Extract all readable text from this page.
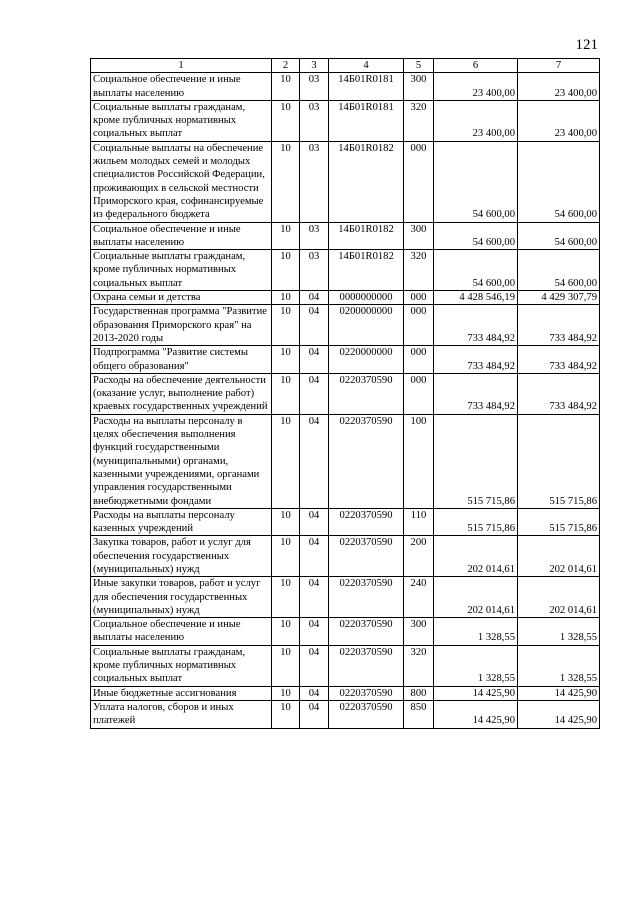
121
1	2	3	4	5	6	7
Социальное обеспечение и иные выплаты населению	10	03	14Б01R0181	300	23 400,00	23 400,00
Социальные выплаты гражданам, кроме публичных нормативных социальных выплат	10	03	14Б01R0181	320	23 400,00	23 400,00
Социальные выплаты на обеспечение жильем молодых семей и молодых специалистов Российской Федерации, проживающих в сельской местности Приморского края, софинансируемые из федерального бюджета	10	03	14Б01R0182	000	54 600,00	54 600,00
Социальное обеспечение и иные выплаты населению	10	03	14Б01R0182	300	54 600,00	54 600,00
Социальные выплаты гражданам, кроме публичных нормативных социальных выплат	10	03	14Б01R0182	320	54 600,00	54 600,00
Охрана семьи и детства	10	04	0000000000	000	4 428 546,19	4 429 307,79
Государственная программа "Развитие образования Приморского края" на 2013-2020 годы	10	04	0200000000	000	733 484,92	733 484,92
Подпрограмма "Развитие системы общего образования"	10	04	0220000000	000	733 484,92	733 484,92
Расходы на обеспечение деятельности (оказание услуг, выполнение работ) краевых государственных учреждений	10	04	0220370590	000	733 484,92	733 484,92
Расходы на выплаты персоналу в целях обеспечения выполнения функций государственными (муниципальными) органами, казенными учреждениями, органами управления государственными внебюджетными фондами	10	04	0220370590	100	515 715,86	515 715,86
Расходы на выплаты персоналу казенных учреждений	10	04	0220370590	110	515 715,86	515 715,86
Закупка товаров, работ и услуг для обеспечения государственных (муниципальных) нужд	10	04	0220370590	200	202 014,61	202 014,61
Иные закупки товаров, работ и услуг для обеспечения государственных (муниципальных) нужд	10	04	0220370590	240	202 014,61	202 014,61
Социальное обеспечение и иные выплаты населению	10	04	0220370590	300	1 328,55	1 328,55
Социальные выплаты гражданам, кроме публичных нормативных социальных выплат	10	04	0220370590	320	1 328,55	1 328,55
Иные бюджетные ассигнования	10	04	0220370590	800	14 425,90	14 425,90
Уплата налогов, сборов и иных платежей	10	04	0220370590	850	14 425,90	14 425,90
